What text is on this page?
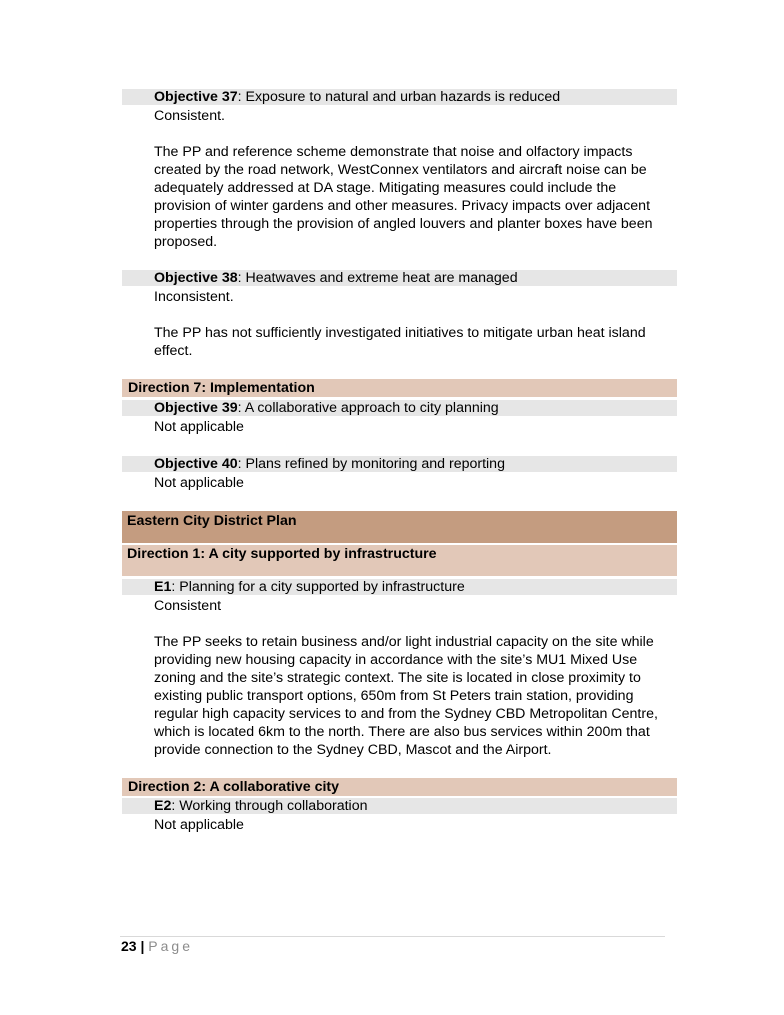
Objective 37: Exposure to natural and urban hazards is reduced
Consistent.
The PP and reference scheme demonstrate that noise and olfactory impacts
created by the road network, WestConnex ventilators and aircraft noise can be
adequately addressed at DA stage. Mitigating measures could include the
provision of winter gardens and other measures. Privacy impacts over adjacent
properties through the provision of angled louvers and planter boxes have been
proposed.
Objective 38: Heatwaves and extreme heat are managed
Inconsistent.
The PP has not sufficiently investigated initiatives to mitigate urban heat island
effect.
Direction 7: Implementation
Objective 39: A collaborative approach to city planning
Not applicable
Objective 40: Plans refined by monitoring and reporting
Not applicable
Eastern City District Plan
Direction 1: A city supported by infrastructure
E1: Planning for a city supported by infrastructure
Consistent
The PP seeks to retain business and/or light industrial capacity on the site while
providing new housing capacity in accordance with the site’s MU1 Mixed Use
zoning and the site’s strategic context. The site is located in close proximity to
existing public transport options, 650m from St Peters train station, providing
regular high capacity services to and from the Sydney CBD Metropolitan Centre,
which is located 6km to the north. There are also bus services within 200m that
provide connection to the Sydney CBD, Mascot and the Airport.
Direction 2: A collaborative city
E2: Working through collaboration
Not applicable
23 | Page
